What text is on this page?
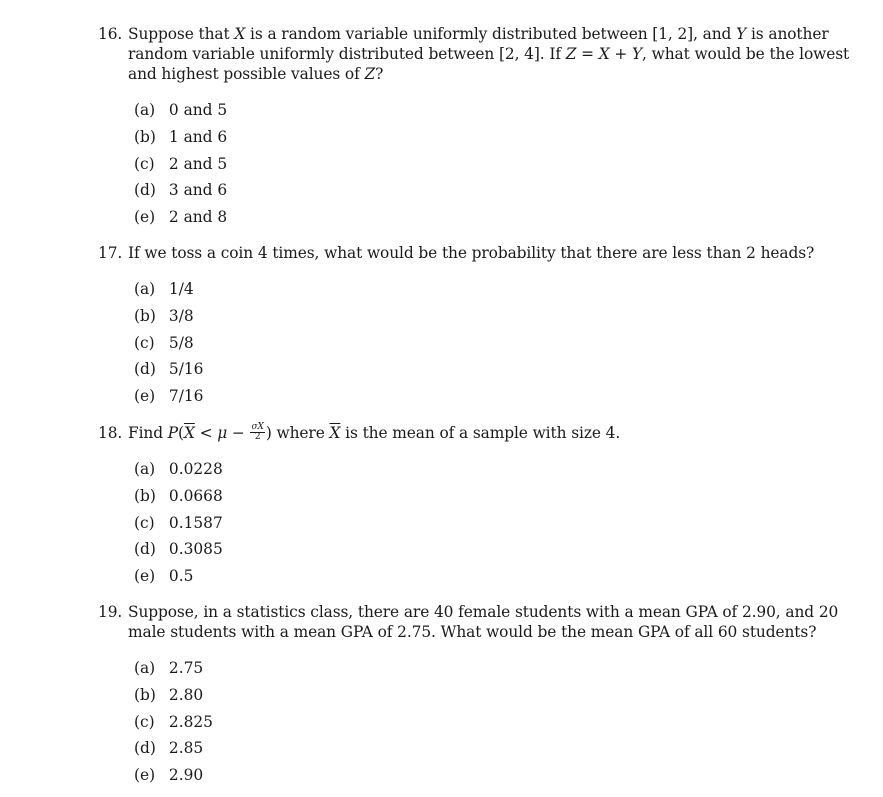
16. Suppose that X is a random variable uniformly distributed between [1, 2], and Y is another random variable uniformly distributed between [2, 4]. If Z = X + Y, what would be the lowest and highest possible values of Z?
(a) 0 and 5
(b) 1 and 6
(c) 2 and 5
(d) 3 and 6
(e) 2 and 8
17. If we toss a coin 4 times, what would be the probability that there are less than 2 heads?
(a) 1/4
(b) 3/8
(c) 5/8
(d) 5/16
(e) 7/16
18. Find $P(\overline{X} < \mu - \frac{\sigma X}{2}$ ) where $\overline{X}$ is the mean of a sample with size 4.
(a) 0.0228
(b) 0.0668
(c) 0.1587
(d) 0.3085
(e) 0.5
19. Suppose, in a statistics class, there are 40 female students with a mean GPA of 2.90, and 20 male students with a mean GPA of 2.75. What would be the mean GPA of all 60 students?
(a) 2.75
(b) 2.80
(c) 2.825
(d) 2.85
(e) 2.90
